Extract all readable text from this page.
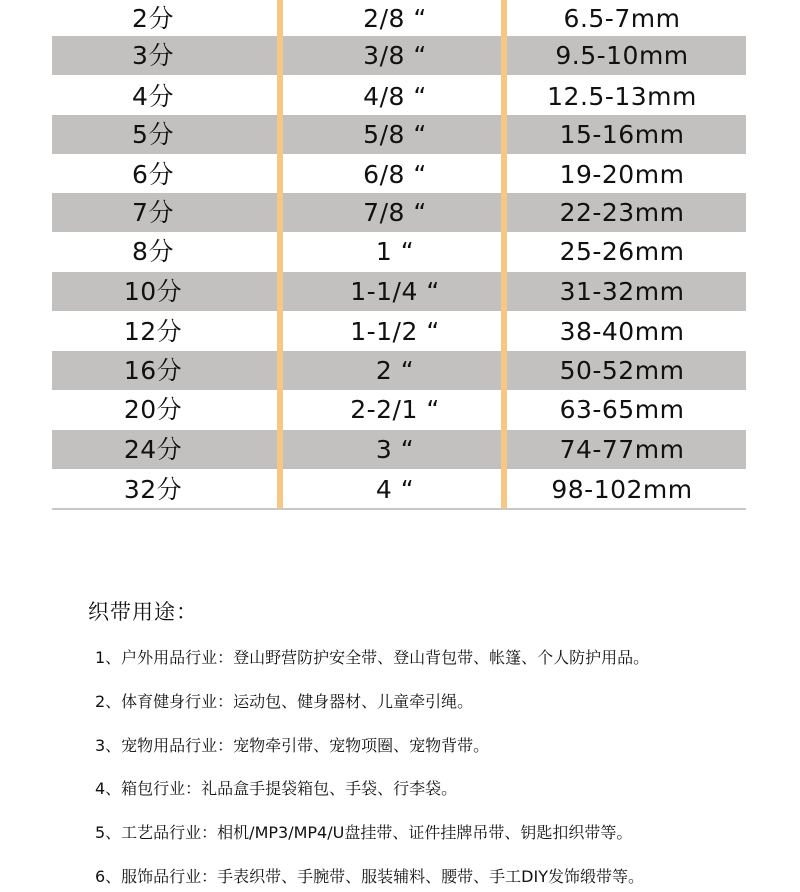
2分	2/8 “	6.5-7mm
3分	3/8 “	9.5-10mm
4分	4/8 “	12.5-13mm
5分	5/8 “	15-16mm
6分	6/8 “	19-20mm
7分	7/8 “	22-23mm
8分	1 “	25-26mm
10分	1-1/4 “	31-32mm
12分	1-1/2 “	38-40mm
16分	2 “	50-52mm
20分	2-2/1 “	63-65mm
24分	3 “	74-77mm
32分	4 “	98-102mm
织带用途：
1、户外用品行业：登山野营防护安全带、登山背包带、帐篷、个人防护用品。
2、体育健身行业：运动包、健身器材、儿童牵引绳。
3、宠物用品行业：宠物牵引带、宠物项圈、宠物背带。
4、箱包行业：礼品盒手提袋箱包、手袋、行李袋。
5、工艺品行业：相机/MP3/MP4/U盘挂带、证件挂牌吊带、钥匙扣织带等。
6、服饰品行业：手表织带、手腕带、服装辅料、腰带、手工DIY发饰缎带等。
